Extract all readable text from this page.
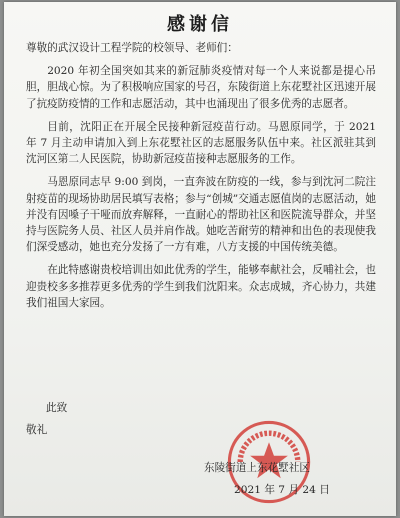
感谢信

尊敬的武汉设计工程学院的校领导、老师们：

2020 年初全国突如其来的新冠肺炎疫情对每一个人来说都是提心吊胆，胆战心惊。为了积极响应国家的号召，东陵街道上东花墅社区迅速开展了抗疫防疫情的工作和志愿活动，其中也涌现出了很多优秀的志愿者。

目前，沈阳正在开展全民接种新冠疫苗行动。马恩原同学，于 2021 年 7 月主动申请加入到上东花墅社区的志愿服务队伍中来。社区派驻其到沈河区第二人民医院，协助新冠疫苗接种志愿服务的工作。

马恩原同志早 9:00 到岗，一直奔波在防疫的一线，参与到沈河二院注射疫苗的现场协助居民填写表格；参与“创城”交通志愿值岗的志愿活动，她并没有因嗓子干哑而放弃解释，一直耐心的帮助社区和医院流导群众，并坚持与医院务人员、社区人员并肩作战。她吃苦耐劳的精神和出色的表现使我们深受感动，她也充分发扬了一方有难，八方支援的中国传统美德。

在此特感谢贵校培训出如此优秀的学生，能够奉献社会，反哺社会，也迎贵校多多推荐更多优秀的学生到我们沈阳来。众志成城，齐心协力，共建我们祖国大家园。

此致
敬礼
东陵街道上东花墅社区
2021 年 7 月 24 日
